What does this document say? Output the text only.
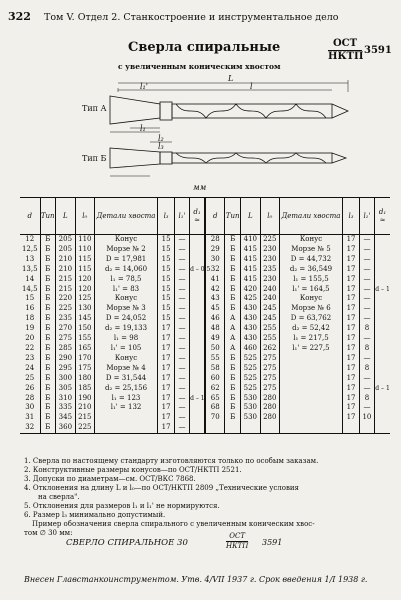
322 Том V. Отдел 2. Станкостроение и инструментальное дело
Сверла спиральные
с увеличенным коническим хвостом
ОСТ
НКТП
3591
Тип А
Тип Б
L
l
l₁'
l₁
l₂
l₃
мм
d	Тип	L	l₀	Детали хвоста	l₃	l₁'	d₁ ≈	d	Тип	L	l₀	Детали хвоста	l₃	l₁'	d₁ ≈
12	Б	205	110	Конус	15	—		28	Б	410	225	Конус	17	—	
12,5	Б	205	110	Морзе № 2	15	—		29	Б	415	230	Морзе № 5	17	—	
13	Б	210	115	D = 17,981	15	—		30	Б	415	230	D = 44,732	17	—	
13,5	Б	210	115	d₂ = 14,060	15	—	d – 0,5	32	Б	415	235	d₂ = 36,549	17	—	
14	Б	215	120	l₁ = 78,5	15	—		41	Б	415	230	l₁ = 155,5	17	—	
14,5	Б	215	120	l₁' = 83	15	—		42	Б	420	240	l₁' = 164,5	17	—	d – 1
15	Б	220	125	Конус	15	—		43	Б	425	240	Конус	17	—	
16	Б	225	130	Морзе № 3	15	—		45	Б	430	245	Морзе № 6	17	—	
18	Б	235	145	D = 24,052	15	—		46	А	430	245	D = 63,762	17	—	
19	Б	270	150	d₂ = 19,133	17	—		48	А	430	255	d₂ = 52,42	17	8	
20	Б	275	155	l₁ = 98	17	—		49	А	430	255	l₁ = 217,5	17	—	
22	Б	285	165	l₁' = 105	17	—		50	А	460	262	l₁' = 227,5	17	8	
23	Б	290	170	Конус	17	—		55	Б	525	275		17	—	
24	Б	295	175	Морзе № 4	17	—		58	Б	525	275		17	8	
25	Б	300	180	D = 31,544	17	—		60	Б	525	275		17	—	
26	Б	305	185	d₂ = 25,156	17	—		62	Б	525	275		17	—	d – 1
28	Б	310	190	l₁ = 123	17	—	d – 1	65	Б	530	280		17	8	
30	Б	335	210	l₁' = 132	17	—		68	Б	530	280		17	—	
31	Б	345	215		17	—		70	Б	530	280		17	10	
32	Б	360	225		17	—									
1. Сверла по настоящему стандарту изготовляются только по особым заказам.
2. Конструктивные размеры конусов—по ОСТ/НКТП 2521.
3. Допуски по диаметрам—см. ОСТ/ВКС 7868.
4. Отклонения на длину L и l₀—по ОСТ/НКТП 2809 „Технические условия
на сверла".
5. Отклонения для размеров l₁ и l₁' не нормируются.
6. Размер l₃ минимально допустимый.
Пример обозначения сверла спирального с увеличенным коническим хвос-
том ∅ 30 мм:
СВЕРЛО СПИРАЛЬНОЕ 30
ОСТ
НКТП 3591
Внесен Главстанкоинструментом. Утв. 4/VII 1937 г. Срок введения 1/I 1938 г.
